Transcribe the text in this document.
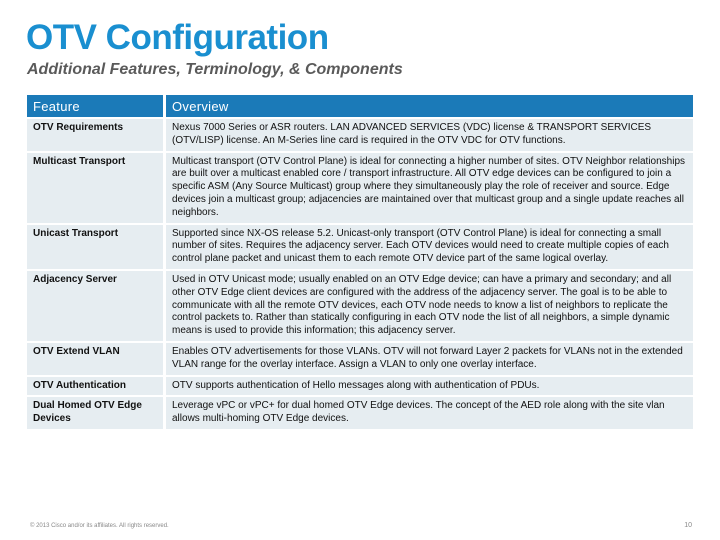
OTV Configuration
Additional Features, Terminology, & Components
Feature	Overview
OTV Requirements	Nexus 7000 Series or ASR routers. LAN ADVANCED SERVICES (VDC) license & TRANSPORT SERVICES (OTV/LISP) license. An M-Series line card is required in the OTV VDC for OTV functions.
Multicast Transport	Multicast transport (OTV Control Plane) is ideal for connecting a higher number of sites. OTV Neighbor relationships are built over a multicast enabled core / transport infrastructure. All OTV edge devices can be configured to join a specific ASM (Any Source Multicast) group where they simultaneously play the role of receiver and source. Edge devices join a multicast group; adjacencies are maintained over that multicast group and a single update reaches all neighbors.
Unicast Transport	Supported since NX-OS release 5.2. Unicast-only transport (OTV Control Plane) is ideal for connecting a small number of sites. Requires the adjacency server. Each OTV devices would need to create multiple copies of each control plane packet and unicast them to each remote OTV device part of the same logical overlay.
Adjacency Server	Used in OTV Unicast mode; usually enabled on an OTV Edge device; can have a primary and secondary; and all other OTV Edge client devices are configured with the address of the adjacency server. The goal is to be able to communicate with all the remote OTV devices, each OTV node needs to know a list of neighbors to replicate the control packets to. Rather than statically configuring in each OTV node the list of all neighbors, a simple dynamic means is used to provide this information; this adjacency server.
OTV Extend VLAN	Enables OTV advertisements for those VLANs. OTV will not forward Layer 2 packets for VLANs not in the extended VLAN range for the overlay interface. Assign a VLAN to only one overlay interface.
OTV Authentication	OTV supports authentication of Hello messages along with authentication of PDUs.
Dual Homed OTV Edge Devices	Leverage vPC or vPC+ for dual homed OTV Edge devices. The concept of the AED role along with the site vlan allows multi-homing OTV Edge devices.
© 2013 Cisco and/or its affiliates. All rights reserved.	10
